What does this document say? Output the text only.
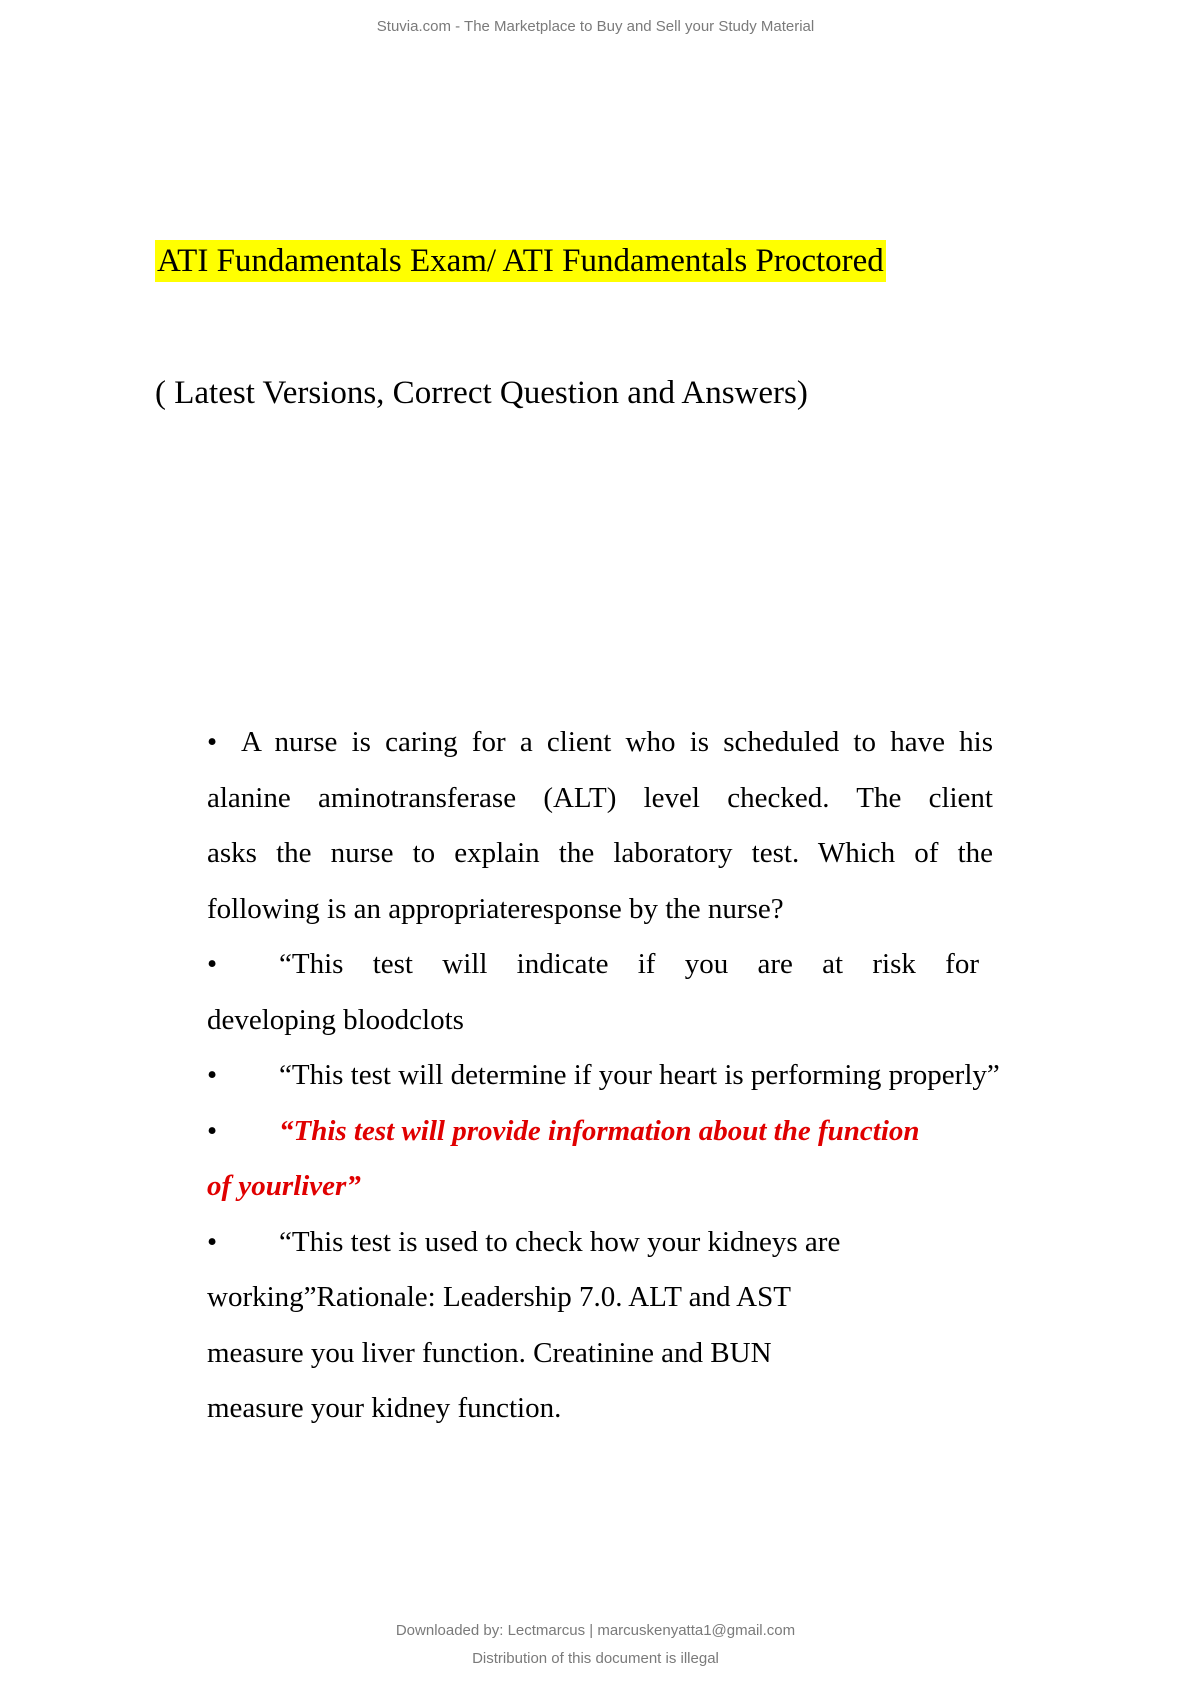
Stuvia.com - The Marketplace to Buy and Sell your Study Material
ATI Fundamentals Exam/ ATI Fundamentals Proctored
( Latest Versions, Correct Question and Answers)
• A nurse is caring for a client who is scheduled to have his
alanine aminotransferase (ALT) level checked. The client
asks the nurse to explain the laboratory test. Which of the
following is an appropriateresponse by the nurse?
•	“This test will indicate if you are at risk for
developing bloodclots
•	“This test will determine if your heart is performing properly”
•	“This test will provide information about the function
of yourliver”
•	“This test is used to check how your kidneys are
working”Rationale: Leadership 7.0. ALT and AST
measure you liver function. Creatinine and BUN
measure your kidney function.
Downloaded by: Lectmarcus | marcuskenyatta1@gmail.com
Distribution of this document is illegal
